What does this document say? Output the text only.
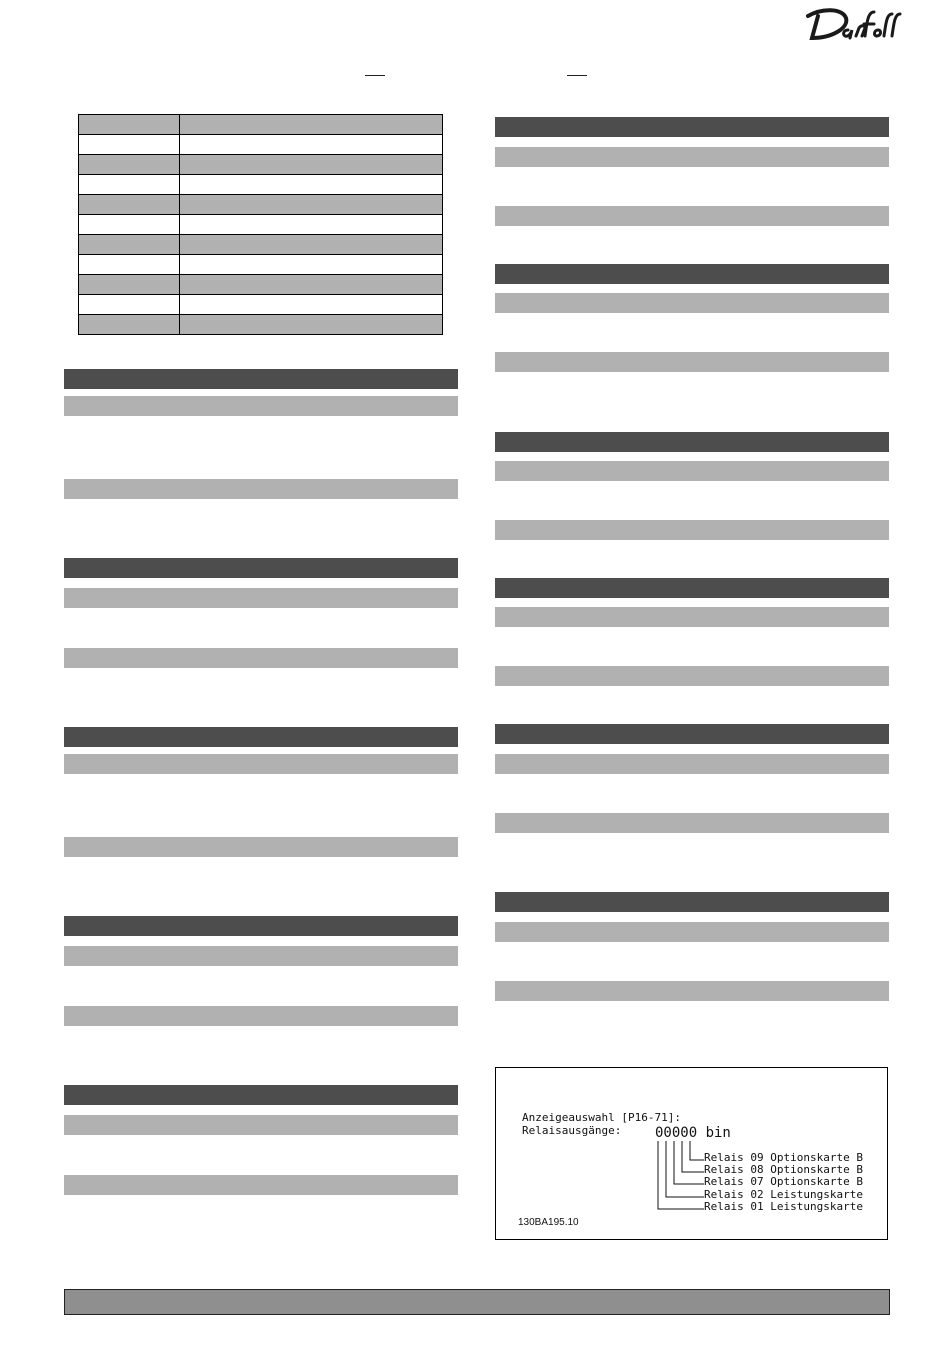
Anzeigeauswahl [P16-71]:
Relaisausgänge: 00000 bin
Relais 09 Optionskarte B
Relais 08 Optionskarte B
Relais 07 Optionskarte B
Relais 02 Leistungskarte
Relais 01 Leistungskarte
130BA195.10
